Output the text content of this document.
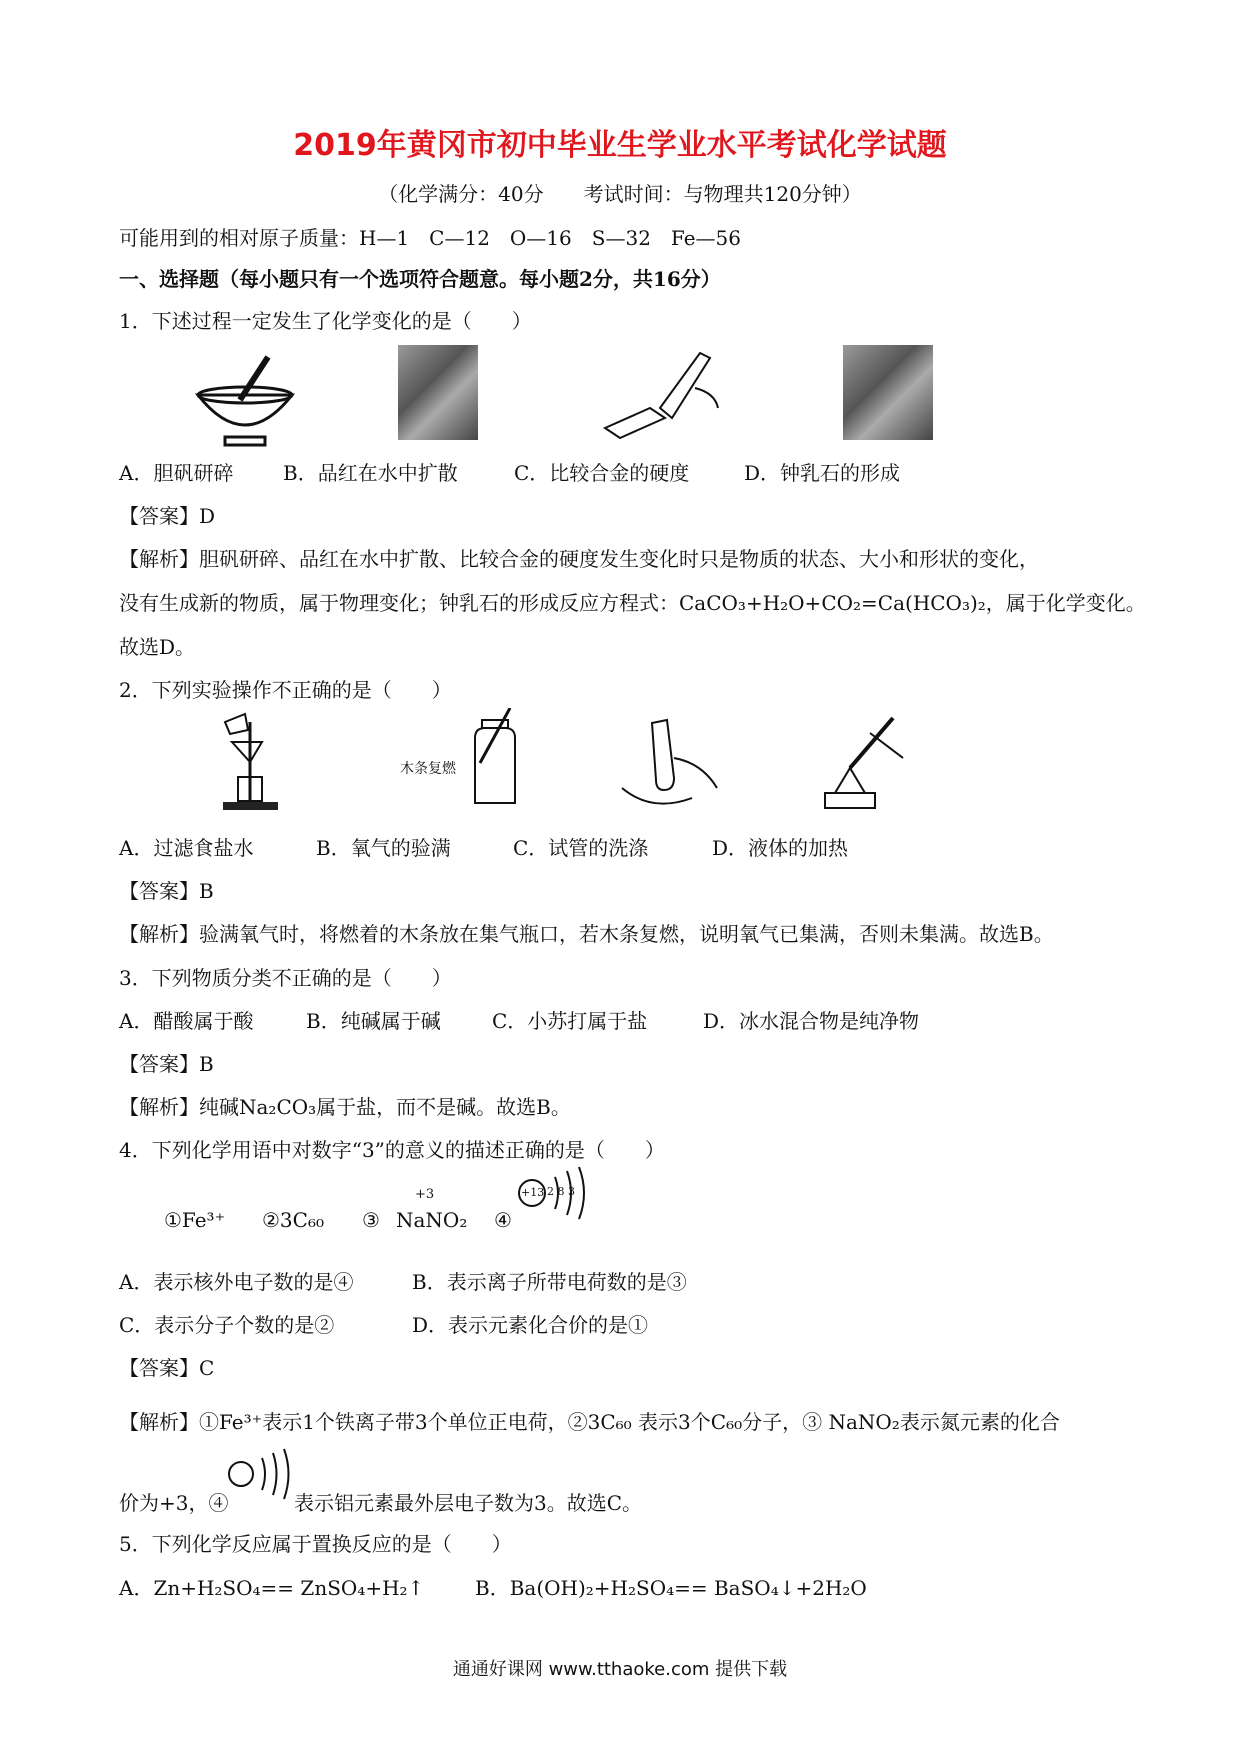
2019年黄冈市初中毕业生学业水平考试化学试题
（化学满分：40分　　考试时间：与物理共120分钟）
可能用到的相对原子质量：H—1　C—12　O—16　S—32　Fe—56
一、选择题（每小题只有一个选项符合题意。每小题2分，共16分）
1．下述过程一定发生了化学变化的是（　　）
A．胆矾研碎 B．品红在水中扩散	C．比较合金的硬度	D．钟乳石的形成
【答案】D
【解析】胆矾研碎、品红在水中扩散、比较合金的硬度发生变化时只是物质的状态、大小和形状的变化，
没有生成新的物质，属于物理变化；钟乳石的形成反应方程式：CaCO₃+H₂O+CO₂=Ca(HCO₃)₂，属于化学变化。
故选D。
2．下列实验操作不正确的是（　　）
木条复燃
A．过滤食盐水	B．氧气的验满	C．试管的洗涤	D．液体的加热
【答案】B
【解析】验满氧气时，将燃着的木条放在集气瓶口，若木条复燃，说明氧气已集满，否则未集满。故选B。
3．下列物质分类不正确的是（　　）
A．醋酸属于酸	B．纯碱属于碱	C．小苏打属于盐	D．冰水混合物是纯净物
【答案】B
【解析】纯碱Na₂CO₃属于盐，而不是碱。故选B。
4．下列化学用语中对数字“3”的意义的描述正确的是（　　）
①Fe³⁺ ②3C₆₀ ③ NaNO₂
+3
④
+13 2 8 3
A．表示核外电子数的是④	B．表示离子所带电荷数的是③
C．表示分子个数的是②	D．表示元素化合价的是①
【答案】C
【解析】①Fe³⁺表示1个铁离子带3个单位正电荷，②3C₆₀ 表示3个C₆₀分子，③ NaNO₂表示氮元素的化合
价为+3，④	表示铝元素最外层电子数为3。故选C。
5．下列化学反应属于置换反应的是（　　）
A．Zn+H₂SO₄== ZnSO₄+H₂↑	B．Ba(OH)₂+H₂SO₄== BaSO₄↓+2H₂O
通通好课网 www.tthaoke.com 提供下载
